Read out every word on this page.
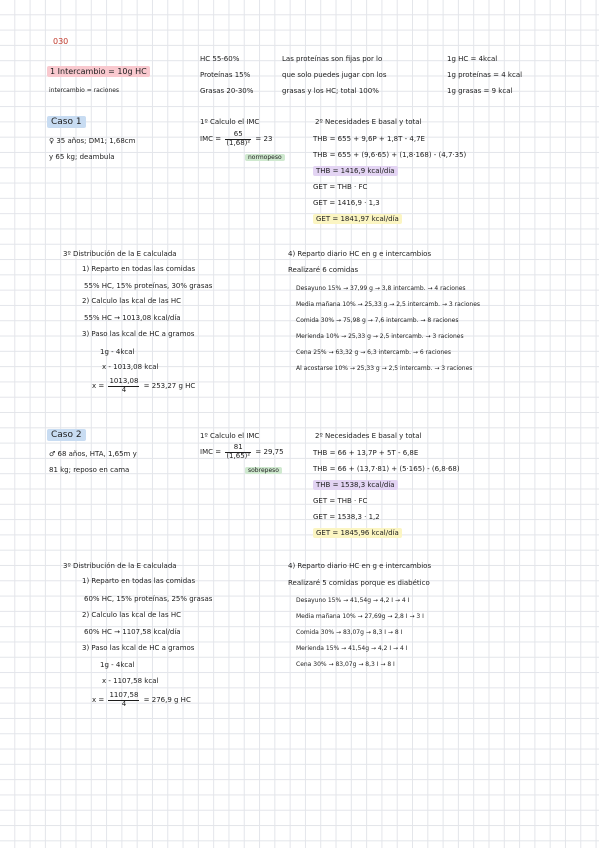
030
1 Intercambio = 10g HC
intercambio = raciones
HC 55-60%
Proteínas 15%
Grasas 20-30%
Las proteínas son fijas por lo
que solo puedes jugar con los
grasas y los HC; total 100%
1g HC = 4kcal
1g proteínas = 4 kcal
1g grasas = 9 kcal
Caso 1
♀ 35 años; DM1; 1,68cm
y 65 kg; deambula
1º Calculo el IMC
IMC = $\frac{65}{\text{(1,68)²}} = 23$
normopeso
2º Necesidades E basal y total
THB = 655 + 9,6P + 1,8T - 4,7E
THB = 655 + (9,6·65) + (1,8·168) - (4,7·35)
THB = 1416,9 kcal/día
GET = THB · FC
GET = 1416,9 · 1,3
GET = 1841,97 kcal/día
3º Distribución de la E calculada
1) Reparto en todas las comidas
55% HC, 15% proteínas, 30% grasas
2) Calculo las kcal de las HC
55% HC → 1013,08 kcal/día
3) Paso las kcal de HC a gramos
1g - 4kcal
x - 1013,08 kcal
$x = \frac{1013,08}{4} = 253,27$ g HC
4) Reparto diario HC en g e intercambios
Realizaré 6 comidas
Desayuno 15% → 37,99 g → 3,8 intercamb. → 4 raciones
Media mañana 10% → 25,33 g → 2,5 intercamb. → 3 raciones
Comida 30% → 75,98 g → 7,6 intercamb. → 8 raciones
Merienda 10% → 25,33 g → 2,5 intercamb. → 3 raciones
Cena 25% → 63,32 g → 6,3 intercamb. → 6 raciones
Al acostarse 10% → 25,33 g → 2,5 intercamb. → 3 raciones
Caso 2
♂ 68 años, HTA, 1,65m y
81 kg; reposo en cama
1º Calculo el IMC
IMC = $\frac{81}{\text{(1,65)²}} = 29,75$
sobrepeso
2º Necesidades E basal y total
THB = 66 + 13,7P + 5T - 6,8E
THB = 66 + (13,7·81) + (5·165) - (6,8·68)
THB = 1538,3 kcal/día
GET = THB · FC
GET = 1538,3 · 1,2
GET = 1845,96 kcal/día
3º Distribución de la E calculada
1) Reparto en todas las comidas
60% HC, 15% proteínas, 25% grasas
2) Calculo las kcal de las HC
60% HC → 1107,58 kcal/día
3) Paso las kcal de HC a gramos
1g - 4kcal
x - 1107,58 kcal
$x = \frac{1107,58}{4} = 276,9$ g HC
4) Reparto diario HC en g e intercambios
Realizaré 5 comidas porque es diabético
Desayuno 15% → 41,54g → 4,2 I → 4 I
Media mañana 10% → 27,69g → 2,8 I → 3 I
Comida 30% → 83,07g → 8,3 I → 8 I
Merienda 15% → 41,54g → 4,2 I → 4 I
Cena 30% → 83,07g → 8,3 I → 8 I
